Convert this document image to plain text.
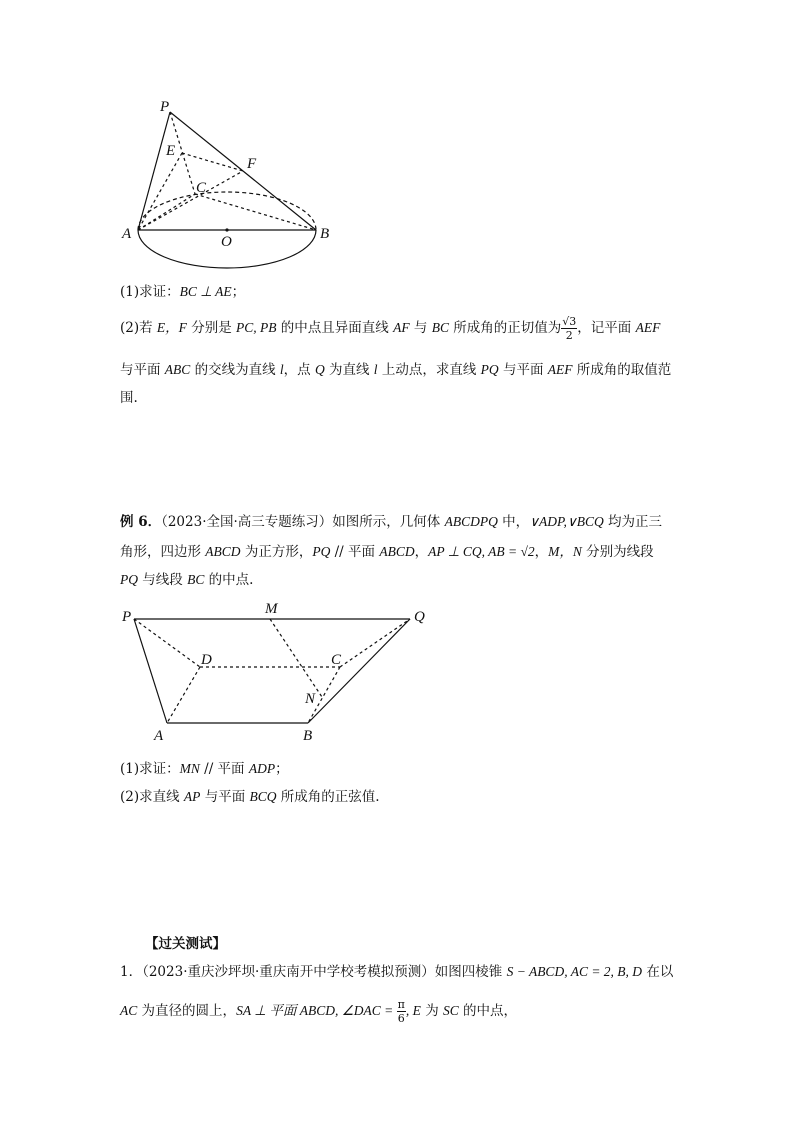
P
E
F
C
A	O	B
(1)求证：BC ⊥ AE；
(2)若 E，F 分别是 PC, PB 的中点且异面直线 AF 与 BC 所成角的正切值为 $\frac{√3}{2}$ ，记平面 AEF
与平面 ABC 的交线为直线 l，点 Q 为直线 l 上动点，求直线 PQ 与平面 AEF 所成角的取值范
围.
例 6．（2023·全国·高三专题练习）如图所示，几何体 ABCDPQ 中，∨ADP,∨BCQ 均为正三
角形，四边形 ABCD 为正方形，PQ // 平面 ABCD，AP ⊥ CQ, AB = √2，M，N 分别为线段
PQ 与线段 BC 的中点.
P	M	Q
D	C
N
A	B
(1)求证：MN // 平面 ADP；
(2)求直线 AP 与平面 BCQ 所成角的正弦值.
【过关测试】
1．（2023·重庆沙坪坝·重庆南开中学校考模拟预测）如图四棱锥 S − ABCD, AC = 2, B, D 在以
AC 为直径的圆上，SA ⊥ 平面 ABCD, ∠DAC = $\frac{\pi}{6}$ , E 为 SC 的中点，
